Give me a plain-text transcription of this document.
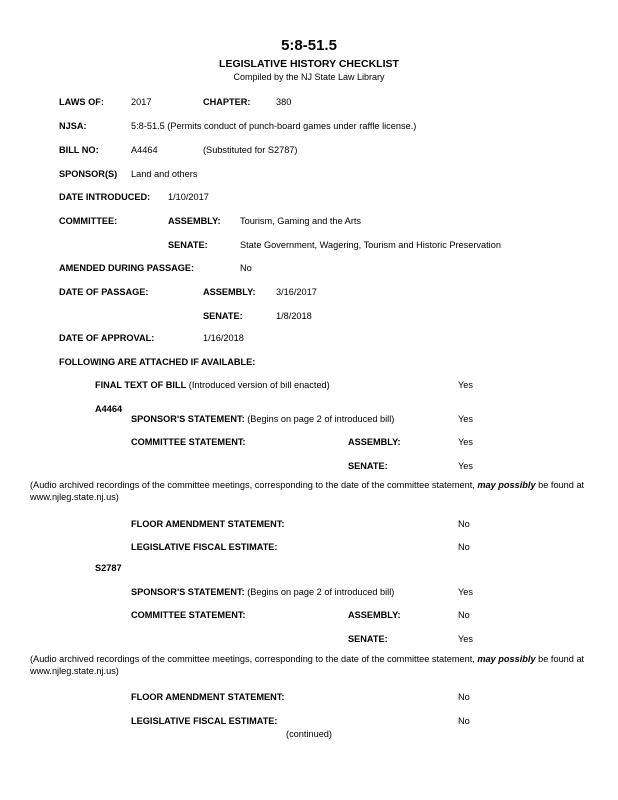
5:8-51.5
LEGISLATIVE HISTORY CHECKLIST
Compiled by the NJ State Law Library
LAWS OF:	2017	CHAPTER:	380
NJSA:	5:8-51.5 (Permits conduct of punch-board games under raffle license.)
BILL NO:	A4464	(Substituted for S2787)
SPONSOR(S) Land and others
DATE INTRODUCED: 1/10/2017
COMMITTEE:	ASSEMBLY: Tourism, Gaming and the Arts
SENATE:	State Government, Wagering, Tourism and Historic Preservation
AMENDED DURING PASSAGE:	No
DATE OF PASSAGE:	ASSEMBLY: 3/16/2017
SENATE:	1/8/2018
DATE OF APPROVAL:	1/16/2018
FOLLOWING ARE ATTACHED IF AVAILABLE:
FINAL TEXT OF BILL (Introduced version of bill enacted)	Yes
A4464
SPONSOR'S STATEMENT: (Begins on page 2 of introduced bill)	Yes
COMMITTEE STATEMENT:	ASSEMBLY:	Yes
SENATE:	Yes
(Audio archived recordings of the committee meetings, corresponding to the date of the committee statement, may possibly be found at www.njleg.state.nj.us)
FLOOR AMENDMENT STATEMENT:	No
LEGISLATIVE FISCAL ESTIMATE:	No
S2787
SPONSOR'S STATEMENT: (Begins on page 2 of introduced bill)	Yes
COMMITTEE STATEMENT:	ASSEMBLY:	No
SENATE:	Yes
(Audio archived recordings of the committee meetings, corresponding to the date of the committee statement, may possibly be found at www.njleg.state.nj.us)
FLOOR AMENDMENT STATEMENT:	No
LEGISLATIVE FISCAL ESTIMATE:	No
(continued)
